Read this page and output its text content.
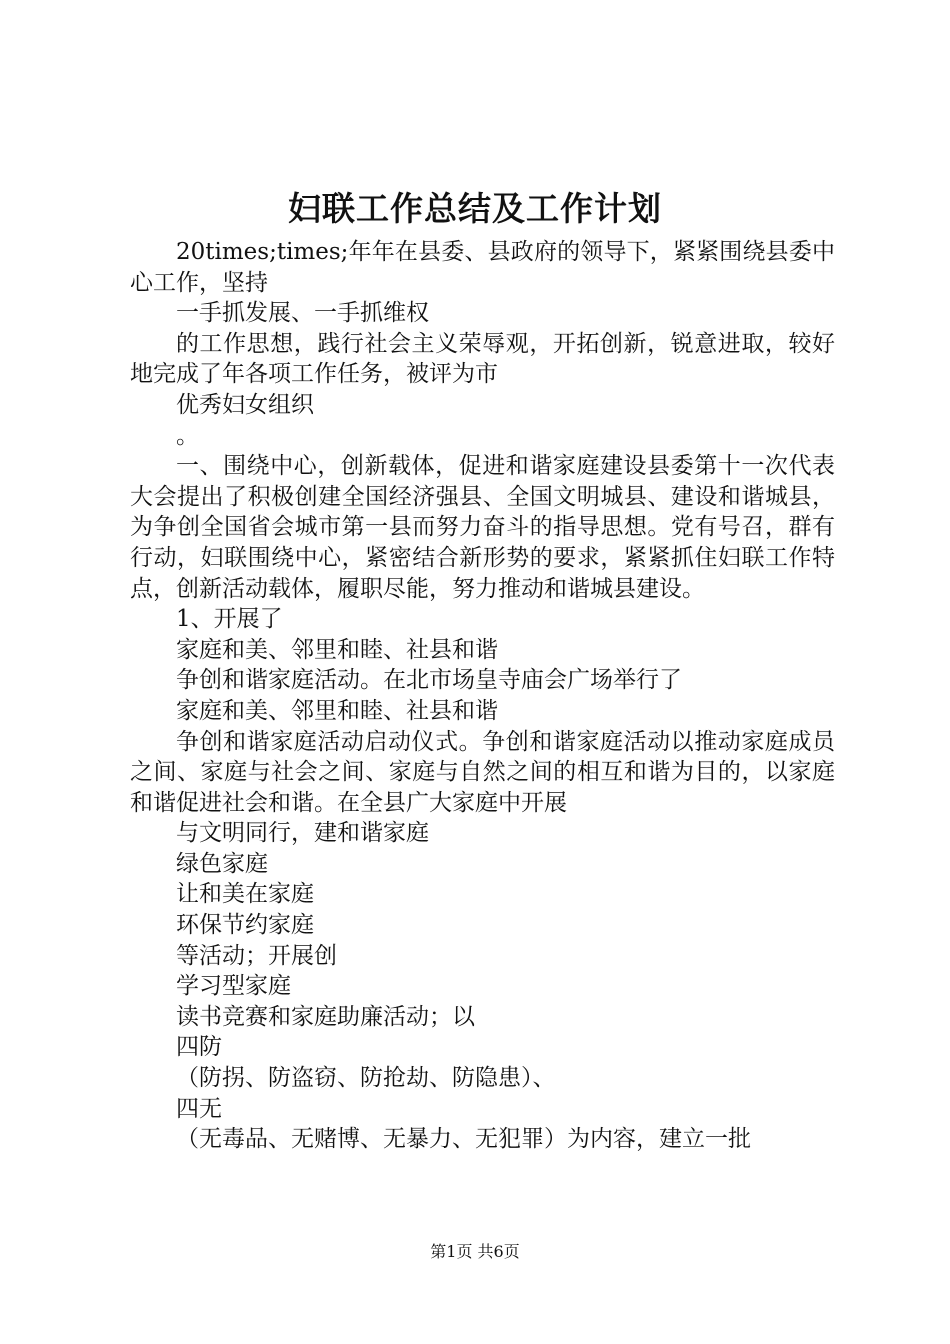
妇联工作总结及工作计划

20times;times;年年在县委、县政府的领导下，紧紧围绕县委中心工作，坚持

一手抓发展、一手抓维权

的工作思想，践行社会主义荣辱观，开拓创新，锐意进取，较好地完成了年各项工作任务，被评为市

优秀妇女组织

。

一、围绕中心，创新载体，促进和谐家庭建设县委第十一次代表大会提出了积极创建全国经济强县、全国文明城县、建设和谐城县，为争创全国省会城市第一县而努力奋斗的指导思想。党有号召，群有行动，妇联围绕中心，紧密结合新形势的要求，紧紧抓住妇联工作特点，创新活动载体，履职尽能，努力推动和谐城县建设。

1、开展了

家庭和美、邻里和睦、社县和谐

争创和谐家庭活动。在北市场皇寺庙会广场举行了

家庭和美、邻里和睦、社县和谐

争创和谐家庭活动启动仪式。争创和谐家庭活动以推动家庭成员之间、家庭与社会之间、家庭与自然之间的相互和谐为目的，以家庭和谐促进社会和谐。在全县广大家庭中开展

与文明同行，建和谐家庭

绿色家庭

让和美在家庭

环保节约家庭

等活动；开展创

学习型家庭

读书竞赛和家庭助廉活动；以

四防

（防拐、防盗窃、防抢劫、防隐患）、

四无

（无毒品、无赌博、无暴力、无犯罪）为内容，建立一批

第1页 共6页
